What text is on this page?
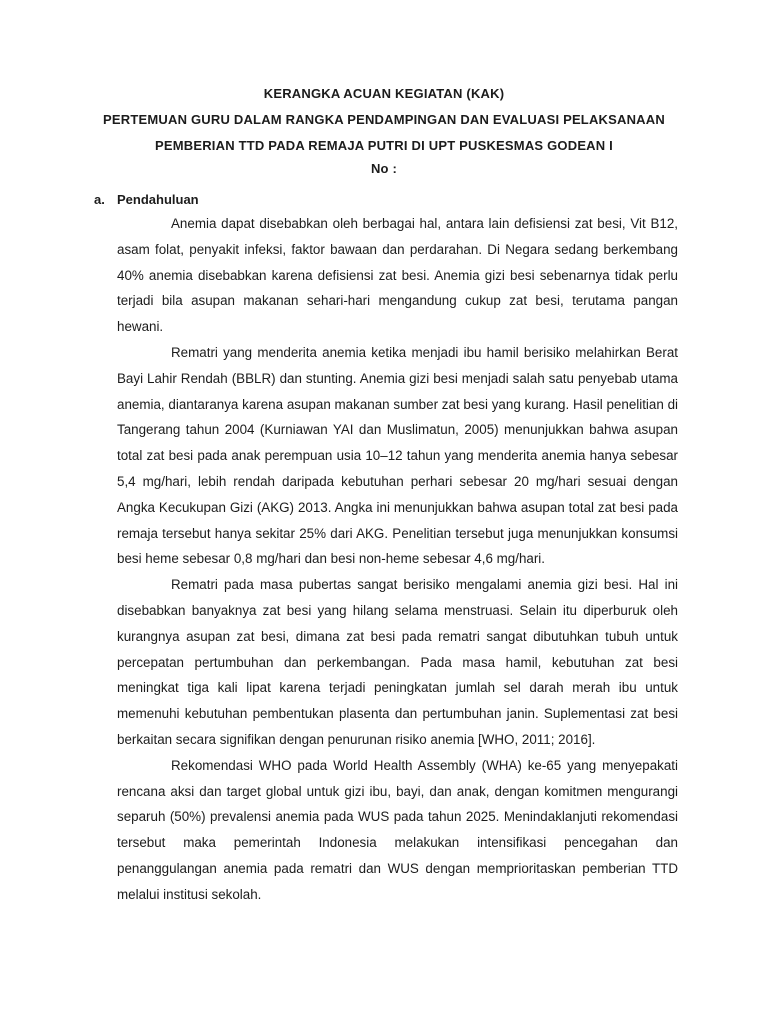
KERANGKA ACUAN KEGIATAN (KAK)
PERTEMUAN GURU DALAM RANGKA PENDAMPINGAN DAN EVALUASI PELAKSANAAN
PEMBERIAN TTD PADA REMAJA PUTRI DI UPT PUSKESMAS GODEAN I
No :
a. Pendahuluan

Anemia dapat disebabkan oleh berbagai hal, antara lain defisiensi zat besi, Vit B12, asam folat, penyakit infeksi, faktor bawaan dan perdarahan. Di Negara sedang berkembang 40% anemia disebabkan karena defisiensi zat besi. Anemia gizi besi sebenarnya tidak perlu terjadi bila asupan makanan sehari-hari mengandung cukup zat besi, terutama pangan hewani.

Rematri yang menderita anemia ketika menjadi ibu hamil berisiko melahirkan Berat Bayi Lahir Rendah (BBLR) dan stunting. Anemia gizi besi menjadi salah satu penyebab utama anemia, diantaranya karena asupan makanan sumber zat besi yang kurang. Hasil penelitian di Tangerang tahun 2004 (Kurniawan YAI dan Muslimatun, 2005) menunjukkan bahwa asupan total zat besi pada anak perempuan usia 10–12 tahun yang menderita anemia hanya sebesar 5,4 mg/hari, lebih rendah daripada kebutuhan perhari sebesar 20 mg/hari sesuai dengan Angka Kecukupan Gizi (AKG) 2013. Angka ini menunjukkan bahwa asupan total zat besi pada remaja tersebut hanya sekitar 25% dari AKG. Penelitian tersebut juga menunjukkan konsumsi besi heme sebesar 0,8 mg/hari dan besi non-heme sebesar 4,6 mg/hari.

Rematri pada masa pubertas sangat berisiko mengalami anemia gizi besi. Hal ini disebabkan banyaknya zat besi yang hilang selama menstruasi. Selain itu diperburuk oleh kurangnya asupan zat besi, dimana zat besi pada rematri sangat dibutuhkan tubuh untuk percepatan pertumbuhan dan perkembangan. Pada masa hamil, kebutuhan zat besi meningkat tiga kali lipat karena terjadi peningkatan jumlah sel darah merah ibu untuk memenuhi kebutuhan pembentukan plasenta dan pertumbuhan janin. Suplementasi zat besi berkaitan secara signifikan dengan penurunan risiko anemia [WHO, 2011; 2016].

Rekomendasi WHO pada World Health Assembly (WHA) ke-65 yang menyepakati rencana aksi dan target global untuk gizi ibu, bayi, dan anak, dengan komitmen mengurangi separuh (50%) prevalensi anemia pada WUS pada tahun 2025. Menindaklanjuti rekomendasi tersebut maka pemerintah Indonesia melakukan intensifikasi pencegahan dan penanggulangan anemia pada rematri dan WUS dengan memprioritaskan pemberian TTD melalui institusi sekolah.
